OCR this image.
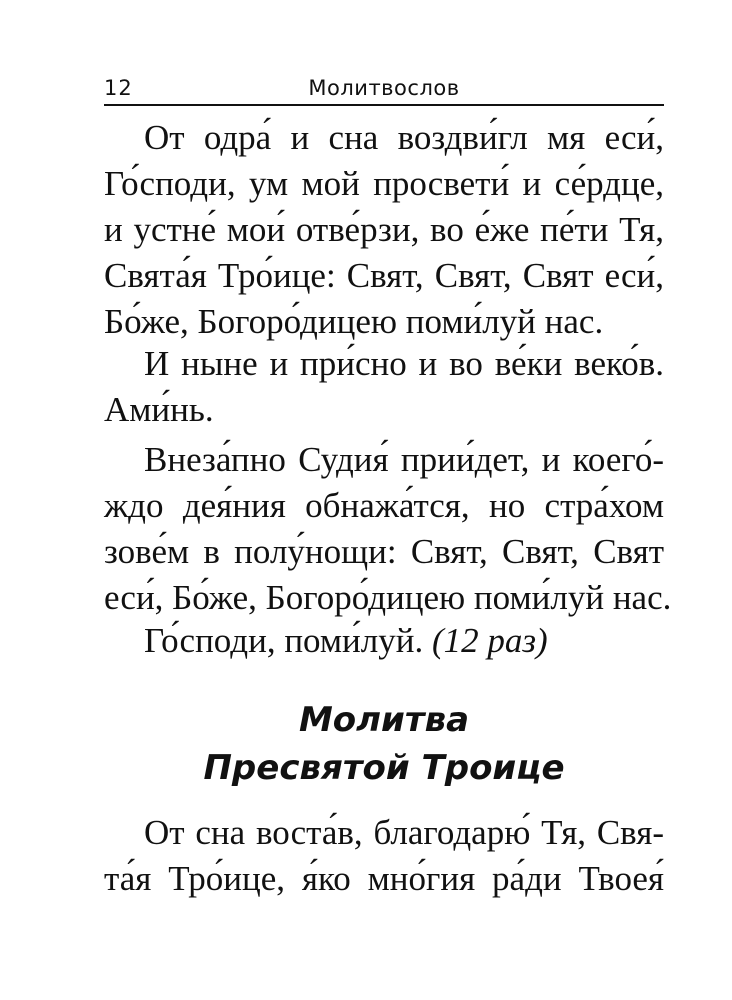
12	Молитвослов
От одра́ и сна воздви́гл мя еси́,
Го́споди, ум мой просвети́ и се́рдце,
и устне́ мои́ отве́рзи, во е́же пе́ти Тя,
Свята́я Тро́ице: Свят, Свят, Свят еси́,
Бо́же, Богоро́дицею поми́луй нас.
И ныне и при́сно и во ве́ки веко́в.
Ами́нь.
Внеза́пно Судия́ прии́дет, и коего́-
ждо дея́ния обнажа́тся, но стра́хом
зове́м в полу́нощи: Свят, Свят, Свят
еси́, Бо́же, Богоро́дицею поми́луй нас.
Го́споди, поми́луй. (12 раз)
Молитва
Пресвятой Троице
От сна воста́в, благодарю́ Тя, Свя-
та́я Тро́ице, я́ко мно́гия ра́ди Твоея́
